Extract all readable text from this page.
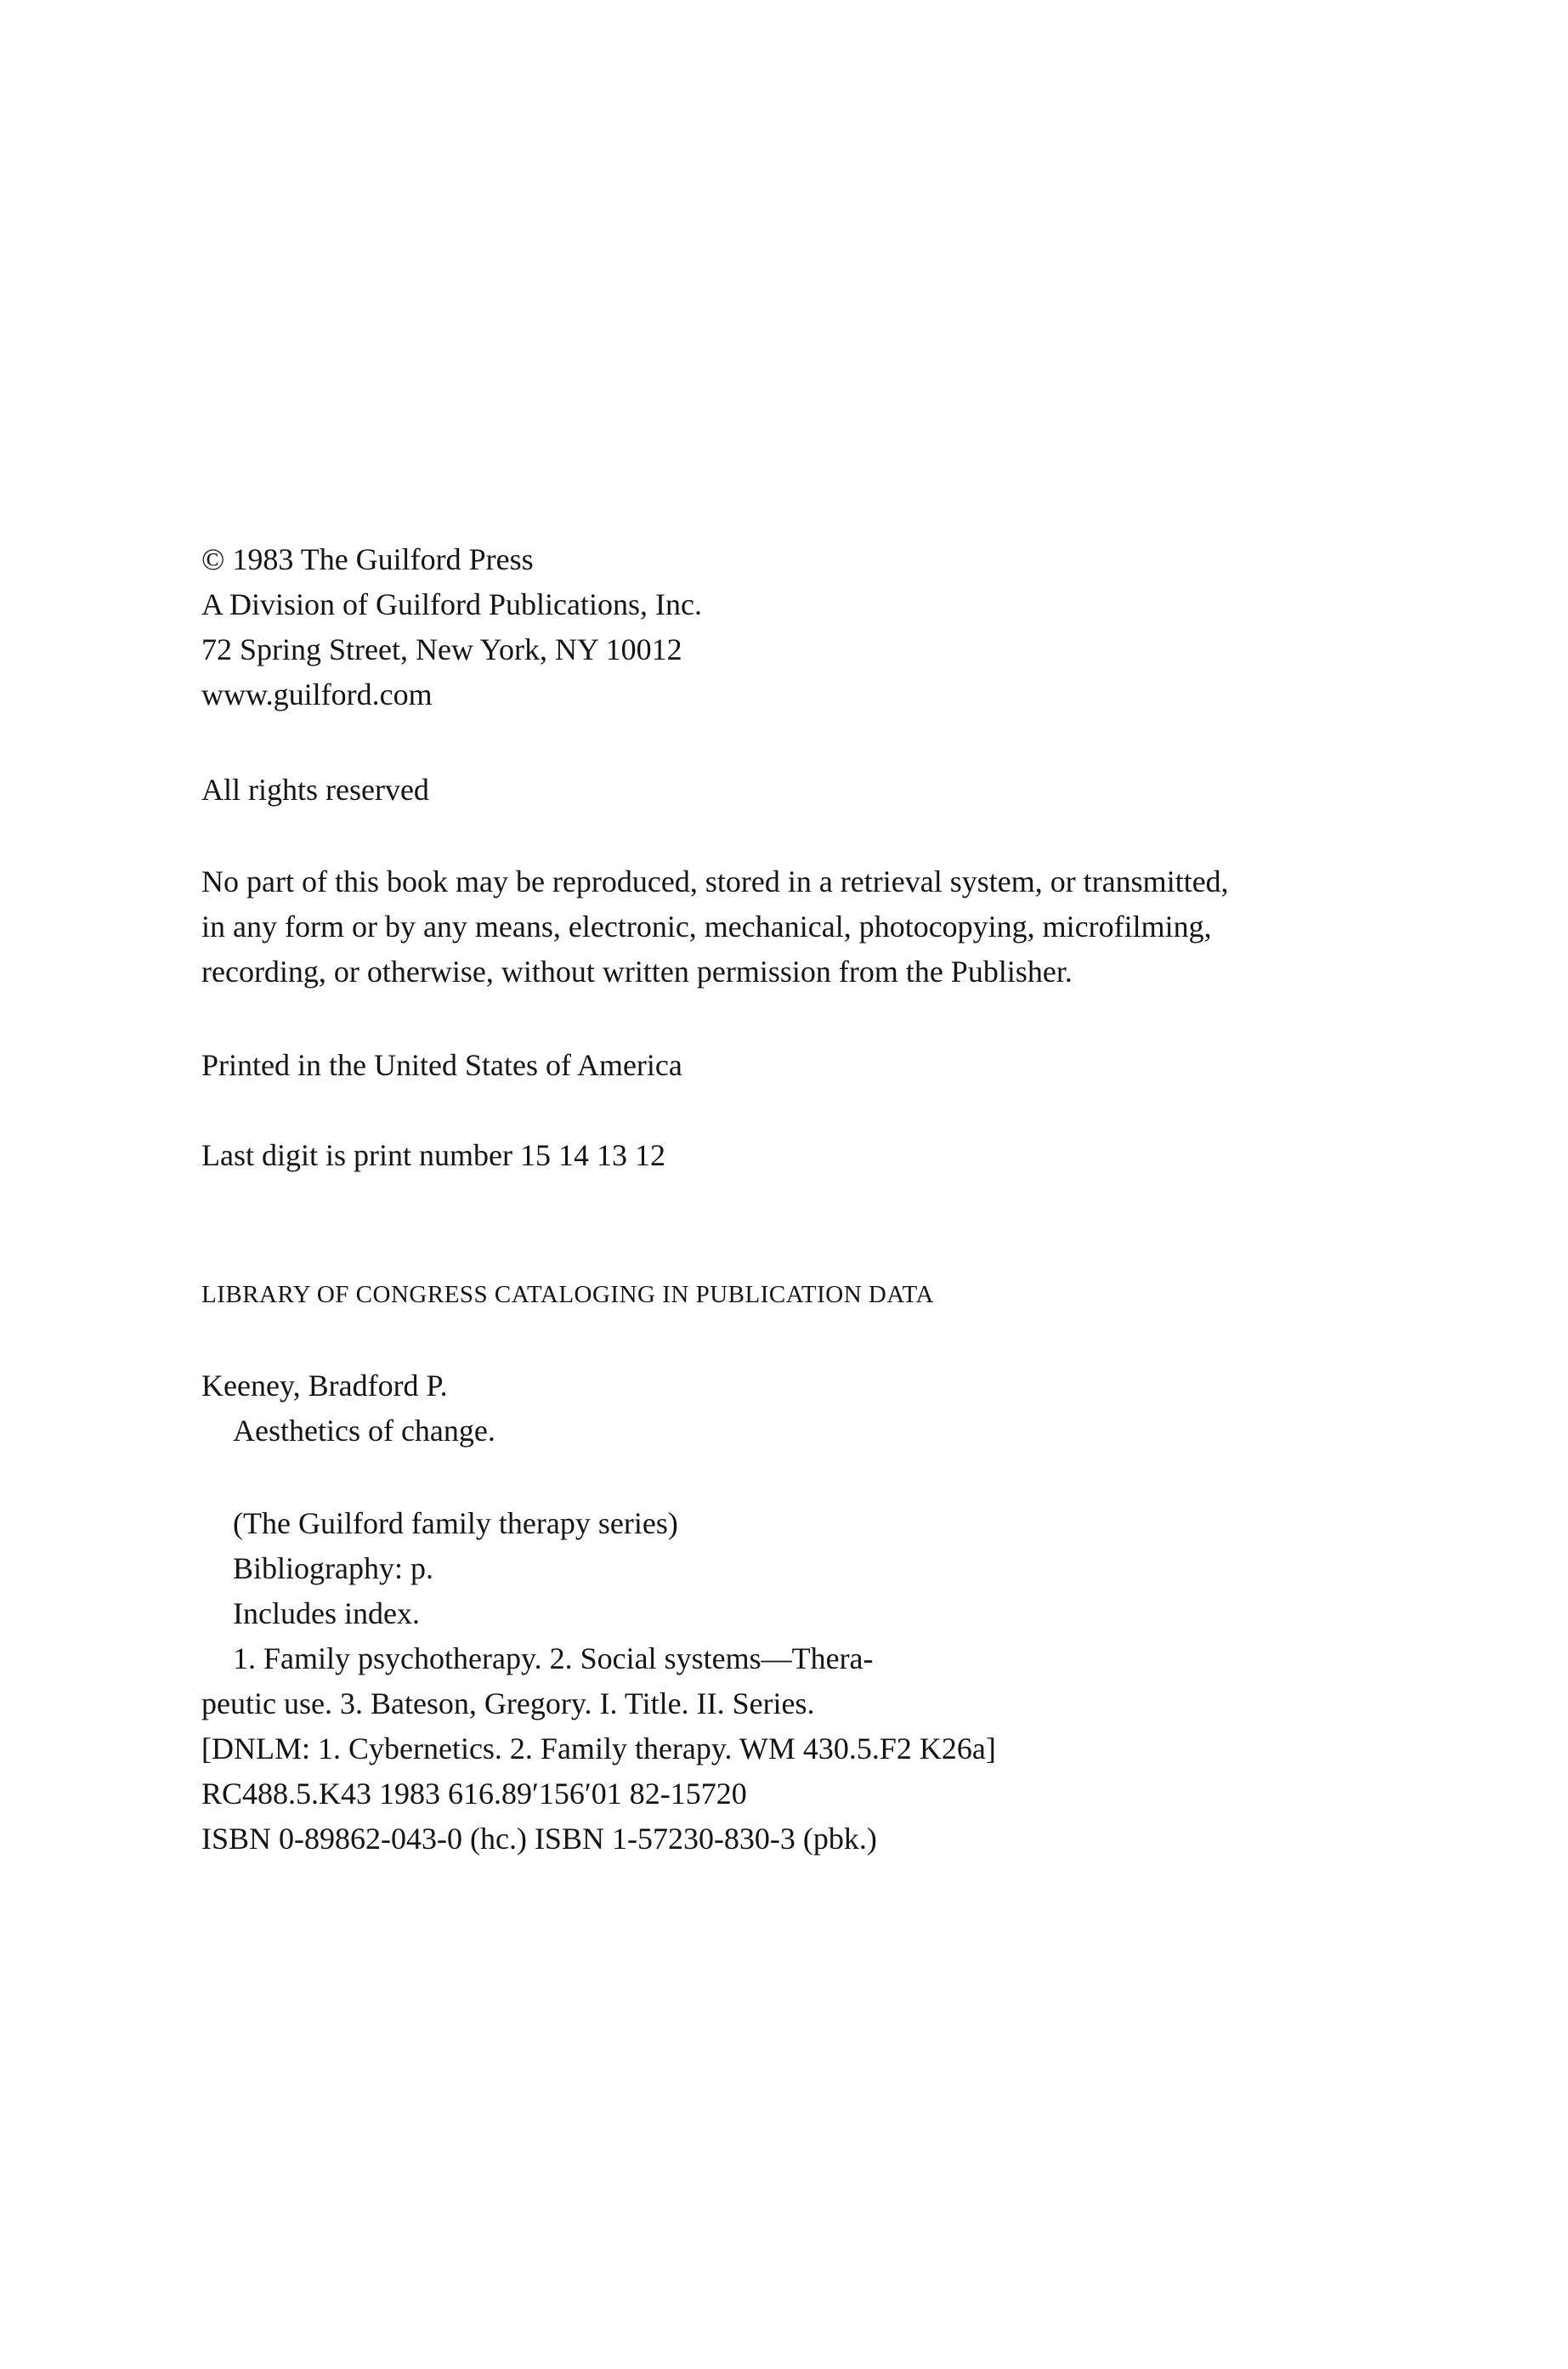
© 1983 The Guilford Press
A Division of Guilford Publications, Inc.
72 Spring Street, New York, NY 10012
www.guilford.com
All rights reserved
No part of this book may be reproduced, stored in a retrieval system, or transmitted,
in any form or by any means, electronic, mechanical, photocopying, microfilming,
recording, or otherwise, without written permission from the Publisher.
Printed in the United States of America
Last digit is print number 15 14 13 12
LIBRARY OF CONGRESS CATALOGING IN PUBLICATION DATA
Keeney, Bradford P.
Aesthetics of change.
(The Guilford family therapy series)
Bibliography: p.
Includes index.
1. Family psychotherapy. 2. Social systems—Thera-
peutic use. 3. Bateson, Gregory. I. Title. II. Series.
[DNLM: 1. Cybernetics. 2. Family therapy. WM 430.5.F2 K26a]
RC488.5.K43 1983 616.89′156′01 82-15720
ISBN 0-89862-043-0 (hc.) ISBN 1-57230-830-3 (pbk.)
